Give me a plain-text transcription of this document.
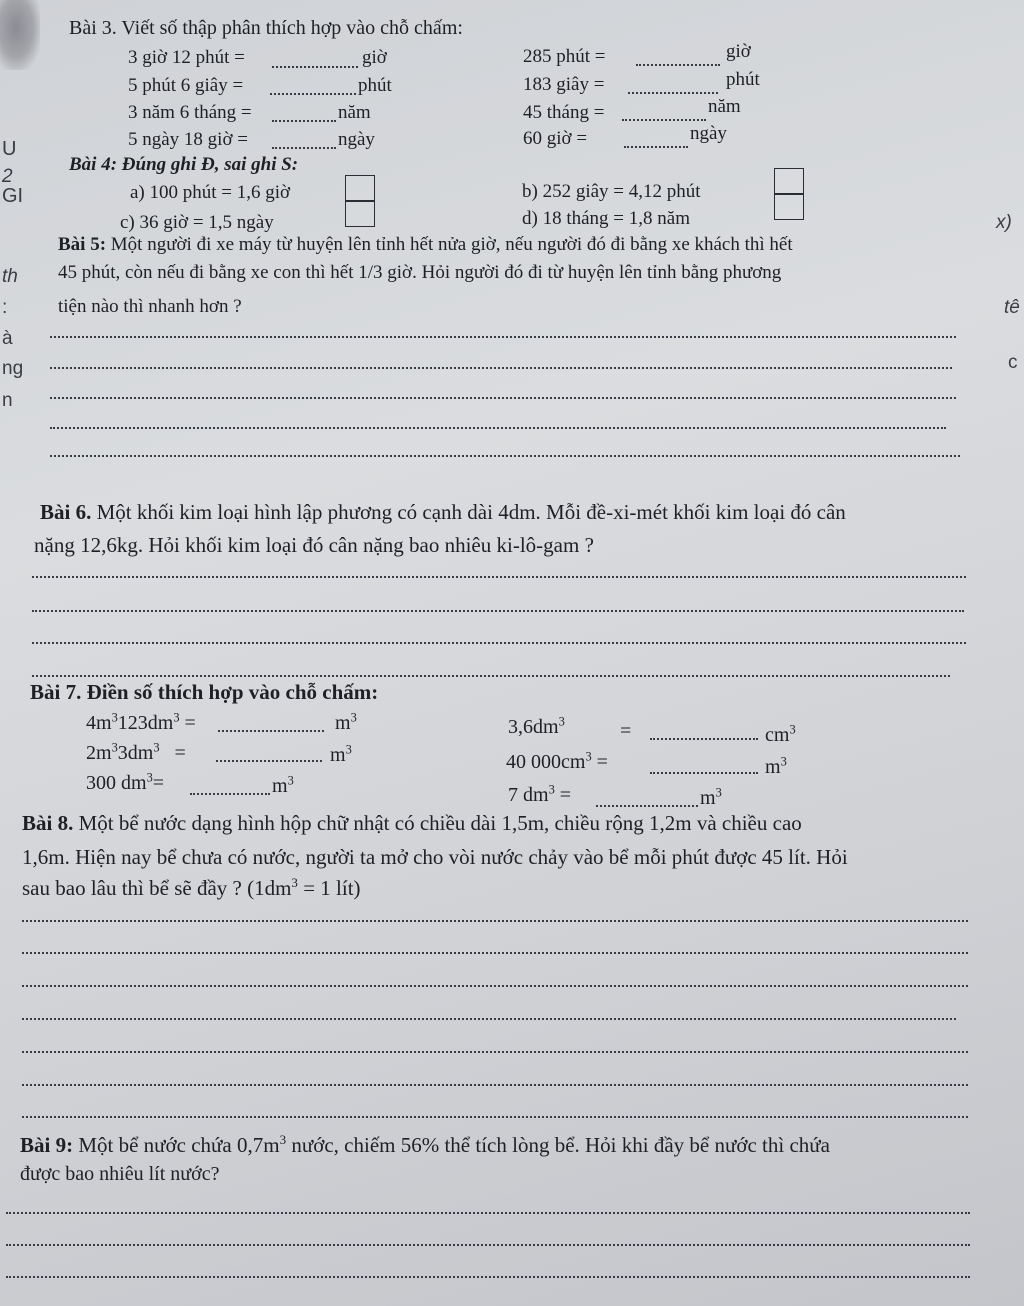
U
2
GI
th
:
à
ng
n
x)
tê
c
Bài 3. Viết số thập phân thích hợp vào chỗ chấm:
3 giờ 12 phút =	giờ
5 phút 6 giây =	phút
3 năm 6 tháng =	năm
5 ngày 18 giờ =	ngày
285 phút =	giờ
183 giây =	phút
45 tháng =	năm
60 giờ =	ngày
Bài 4: Đúng ghi Đ, sai ghi S:
a) 100 phút = 1,6 giờ	b) 252 giây = 4,12 phút
c) 36 giờ = 1,5 ngày	d) 18 tháng = 1,8 năm
Bài 5: Một người đi xe máy từ huyện lên tỉnh hết nửa giờ, nếu người đó đi bằng xe khách thì hết
45 phút, còn nếu đi bằng xe con thì hết 1/3 giờ. Hỏi người đó đi từ huyện lên tỉnh bằng phương
tiện nào thì nhanh hơn ?
Bài 6. Một khối kim loại hình lập phương có cạnh dài 4dm. Mỗi đề-xi-mét khối kim loại đó cân
nặng 12,6kg. Hỏi khối kim loại đó cân nặng bao nhiêu ki-lô-gam ?
Bài 7. Điền số thích hợp vào chỗ chấm:
$4m^3123dm^3$ =	$m^3$
$2m^33dm^3$ =	$m^3$
300 $dm^3=$	$m^3$
$3,6dm^3$	=	$cm^3$
40 $000cm^3$ =	$m^3$
7 $dm^3$ =	$m^3$
Bài 8. Một bể nước dạng hình hộp chữ nhật có chiều dài 1,5m, chiều rộng 1,2m và chiều cao
1,6m. Hiện nay bể chưa có nước, người ta mở cho vòi nước chảy vào bể mỗi phút được 45 lít. Hỏi
sau bao lâu thì bể sẽ đầy ? ($1dm^3 = 1$ lít)
Bài 9: Một bể nước chứa $0,7m^3$ nước, chiếm 56% thể tích lòng bể. Hỏi khi đầy bể nước thì chứa
được bao nhiêu lít nước?
